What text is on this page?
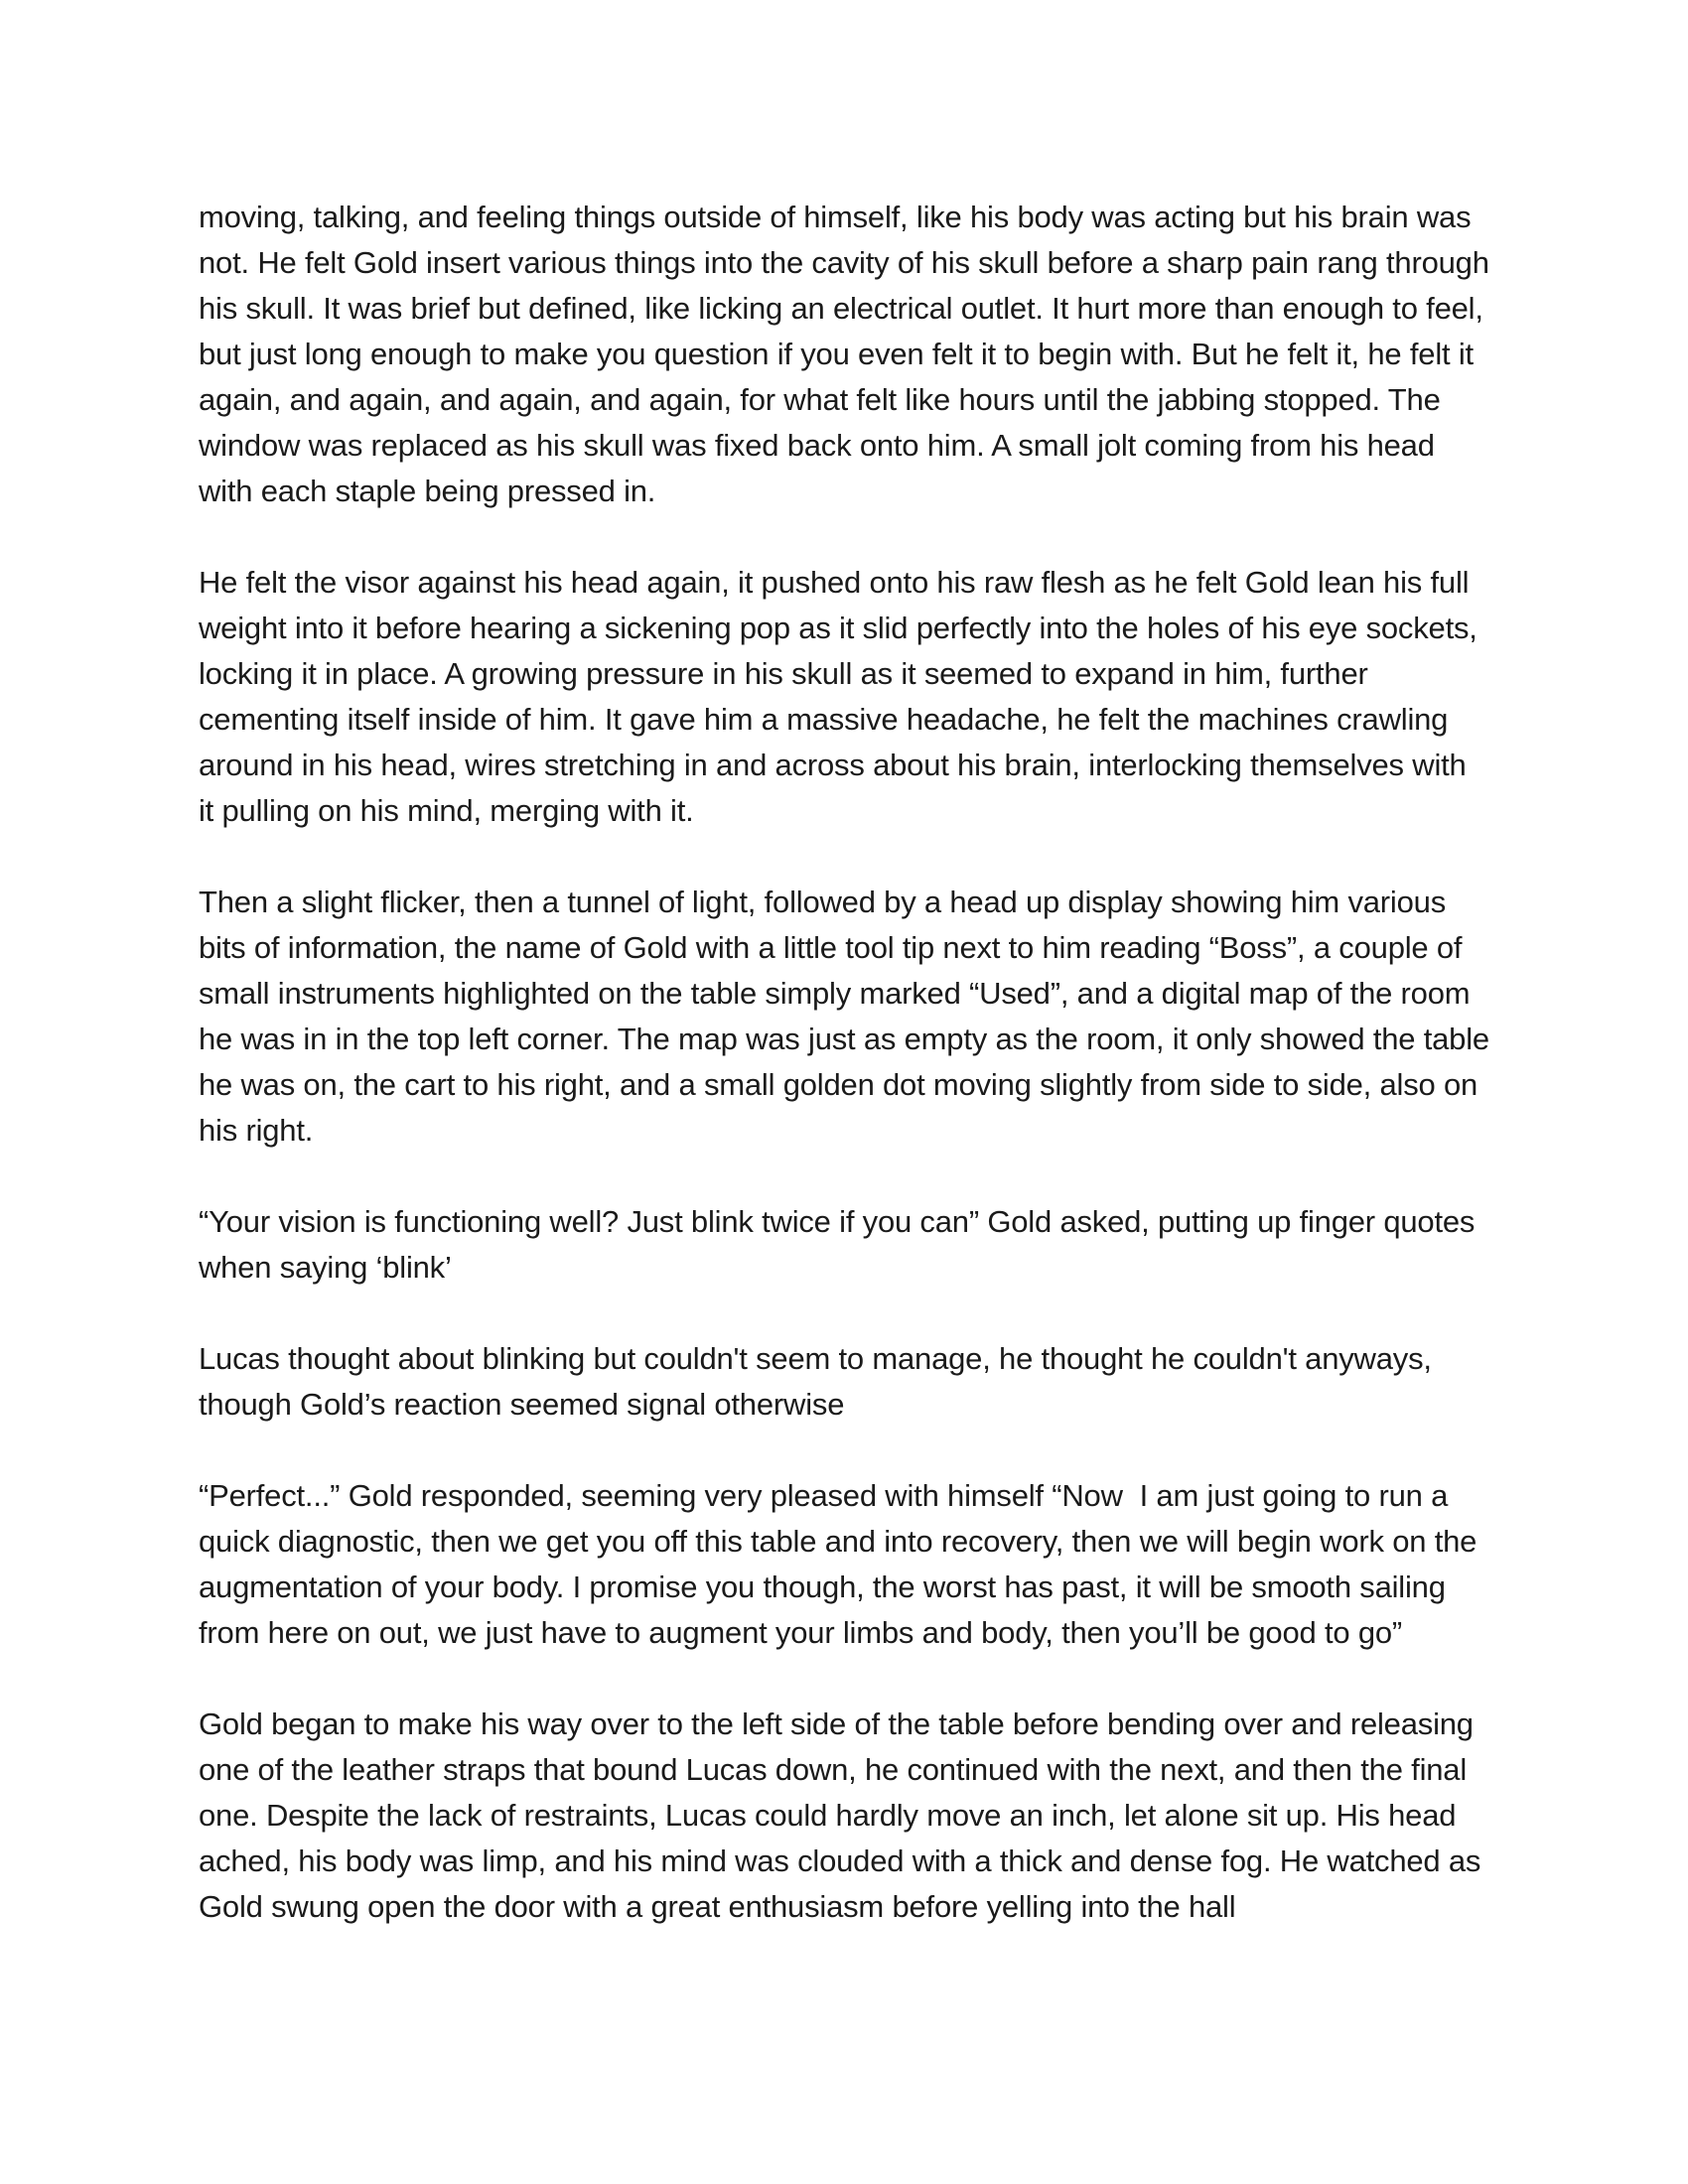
moving, talking, and feeling things outside of himself, like his body was acting but his brain was not. He felt Gold insert various things into the cavity of his skull before a sharp pain rang through his skull. It was brief but defined, like licking an electrical outlet. It hurt more than enough to feel, but just long enough to make you question if you even felt it to begin with. But he felt it, he felt it again, and again, and again, and again, for what felt like hours until the jabbing stopped. The window was replaced as his skull was fixed back onto him. A small jolt coming from his head with each staple being pressed in.

He felt the visor against his head again, it pushed onto his raw flesh as he felt Gold lean his full weight into it before hearing a sickening pop as it slid perfectly into the holes of his eye sockets, locking it in place. A growing pressure in his skull as it seemed to expand in him, further cementing itself inside of him. It gave him a massive headache, he felt the machines crawling around in his head, wires stretching in and across about his brain, interlocking themselves with it pulling on his mind, merging with it.

Then a slight flicker, then a tunnel of light, followed by a head up display showing him various bits of information, the name of Gold with a little tool tip next to him reading “Boss”, a couple of small instruments highlighted on the table simply marked “Used”, and a digital map of the room he was in in the top left corner. The map was just as empty as the room, it only showed the table he was on, the cart to his right, and a small golden dot moving slightly from side to side, also on his right.

“Your vision is functioning well? Just blink twice if you can” Gold asked, putting up finger quotes when saying ‘blink’

Lucas thought about blinking but couldn't seem to manage, he thought he couldn't anyways, though Gold’s reaction seemed signal otherwise

“Perfect...” Gold responded, seeming very pleased with himself “Now  I am just going to run a quick diagnostic, then we get you off this table and into recovery, then we will begin work on the augmentation of your body. I promise you though, the worst has past, it will be smooth sailing from here on out, we just have to augment your limbs and body, then you’ll be good to go”

Gold began to make his way over to the left side of the table before bending over and releasing one of the leather straps that bound Lucas down, he continued with the next, and then the final one. Despite the lack of restraints, Lucas could hardly move an inch, let alone sit up. His head ached, his body was limp, and his mind was clouded with a thick and dense fog. He watched as Gold swung open the door with a great enthusiasm before yelling into the hall
